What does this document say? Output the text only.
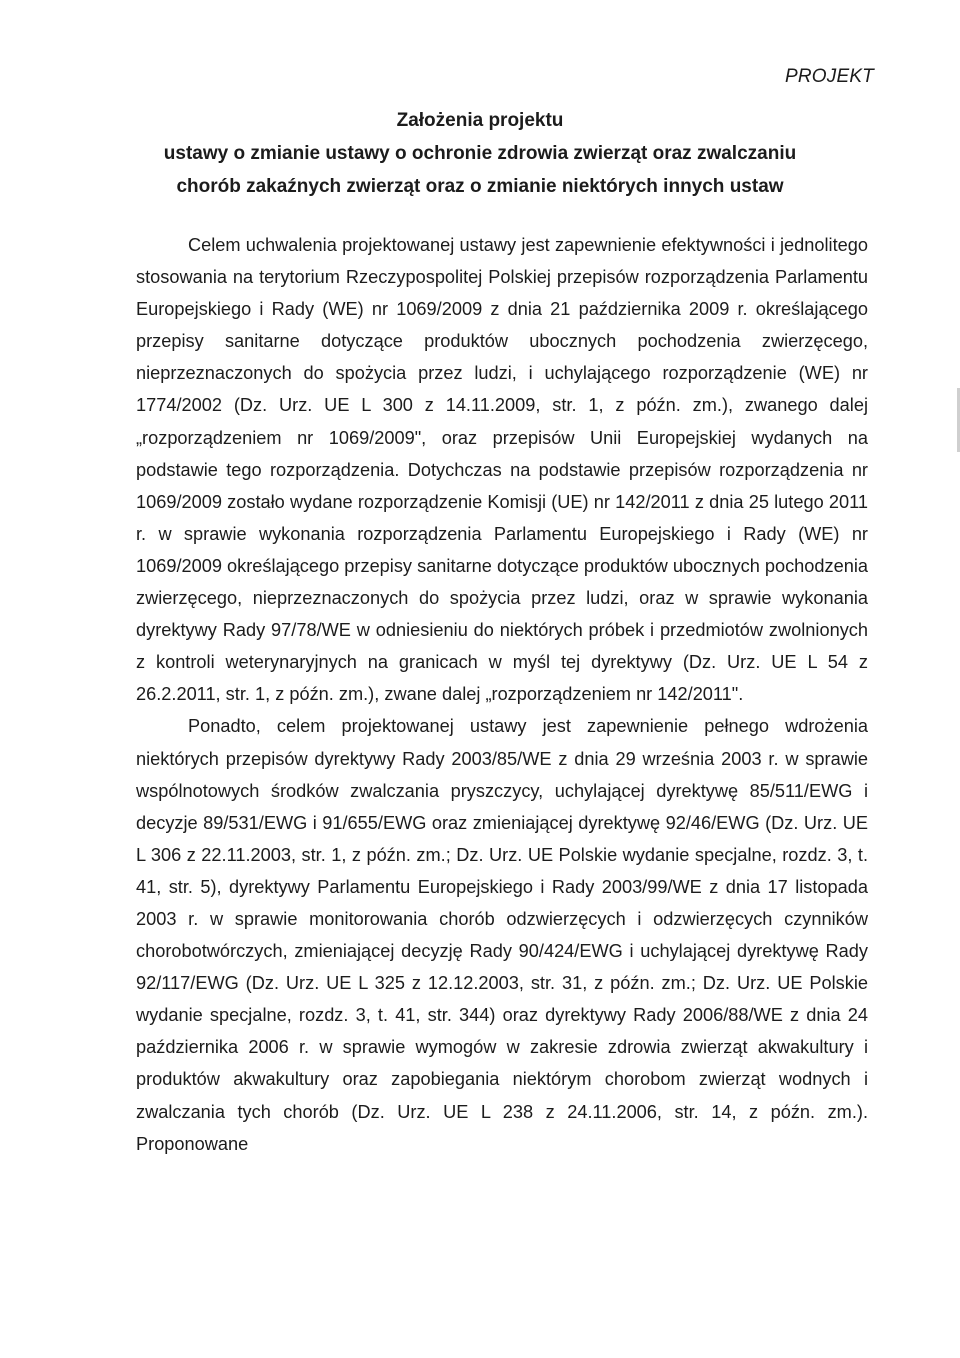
PROJEKT
Założenia projektu
ustawy o zmianie ustawy o ochronie zdrowia zwierząt oraz zwalczaniu
chorób zakaźnych zwierząt oraz o zmianie niektórych innych ustaw

Celem uchwalenia projektowanej ustawy jest zapewnienie efektywności i jednolitego stosowania na terytorium Rzeczypospolitej Polskiej przepisów rozporządzenia Parlamentu Europejskiego i Rady (WE) nr 1069/2009 z dnia 21 października 2009 r. określającego przepisy sanitarne dotyczące produktów ubocznych pochodzenia zwierzęcego, nieprzeznaczonych do spożycia przez ludzi, i uchylającego rozporządzenie (WE) nr 1774/2002 (Dz. Urz. UE L 300 z 14.11.2009, str. 1, z późn. zm.), zwanego dalej „rozporządzeniem nr 1069/2009", oraz przepisów Unii Europejskiej wydanych na podstawie tego rozporządzenia. Dotychczas na podstawie przepisów rozporządzenia nr 1069/2009 zostało wydane rozporządzenie Komisji (UE) nr 142/2011 z dnia 25 lutego 2011 r. w sprawie wykonania rozporządzenia Parlamentu Europejskiego i Rady (WE) nr 1069/2009 określającego przepisy sanitarne dotyczące produktów ubocznych pochodzenia zwierzęcego, nieprzeznaczonych do spożycia przez ludzi, oraz w sprawie wykonania dyrektywy Rady 97/78/WE w odniesieniu do niektórych próbek i przedmiotów zwolnionych z kontroli weterynaryjnych na granicach w myśl tej dyrektywy (Dz. Urz. UE L 54 z 26.2.2011, str. 1, z późn. zm.), zwane dalej „rozporządzeniem nr 142/2011".

Ponadto, celem projektowanej ustawy jest zapewnienie pełnego wdrożenia niektórych przepisów dyrektywy Rady 2003/85/WE z dnia 29 września 2003 r. w sprawie wspólnotowych środków zwalczania pryszczycy, uchylającej dyrektywę 85/511/EWG i decyzje 89/531/EWG i 91/655/EWG oraz zmieniającej dyrektywę 92/46/EWG (Dz. Urz. UE L 306 z 22.11.2003, str. 1, z późn. zm.; Dz. Urz. UE Polskie wydanie specjalne, rozdz. 3, t. 41, str. 5), dyrektywy Parlamentu Europejskiego i Rady 2003/99/WE z dnia 17 listopada 2003 r. w sprawie monitorowania chorób odzwierzęcych i odzwierzęcych czynników chorobotwórczych, zmieniającej decyzję Rady 90/424/EWG i uchylającej dyrektywę Rady 92/117/EWG (Dz. Urz. UE L 325 z 12.12.2003, str. 31, z późn. zm.; Dz. Urz. UE Polskie wydanie specjalne, rozdz. 3, t. 41, str. 344) oraz dyrektywy Rady 2006/88/WE z dnia 24 października 2006 r. w sprawie wymogów w zakresie zdrowia zwierząt akwakultury i produktów akwakultury oraz zapobiegania niektórym chorobom zwierząt wodnych i zwalczania tych chorób (Dz. Urz. UE L 238 z 24.11.2006, str. 14, z późn. zm.). Proponowane
